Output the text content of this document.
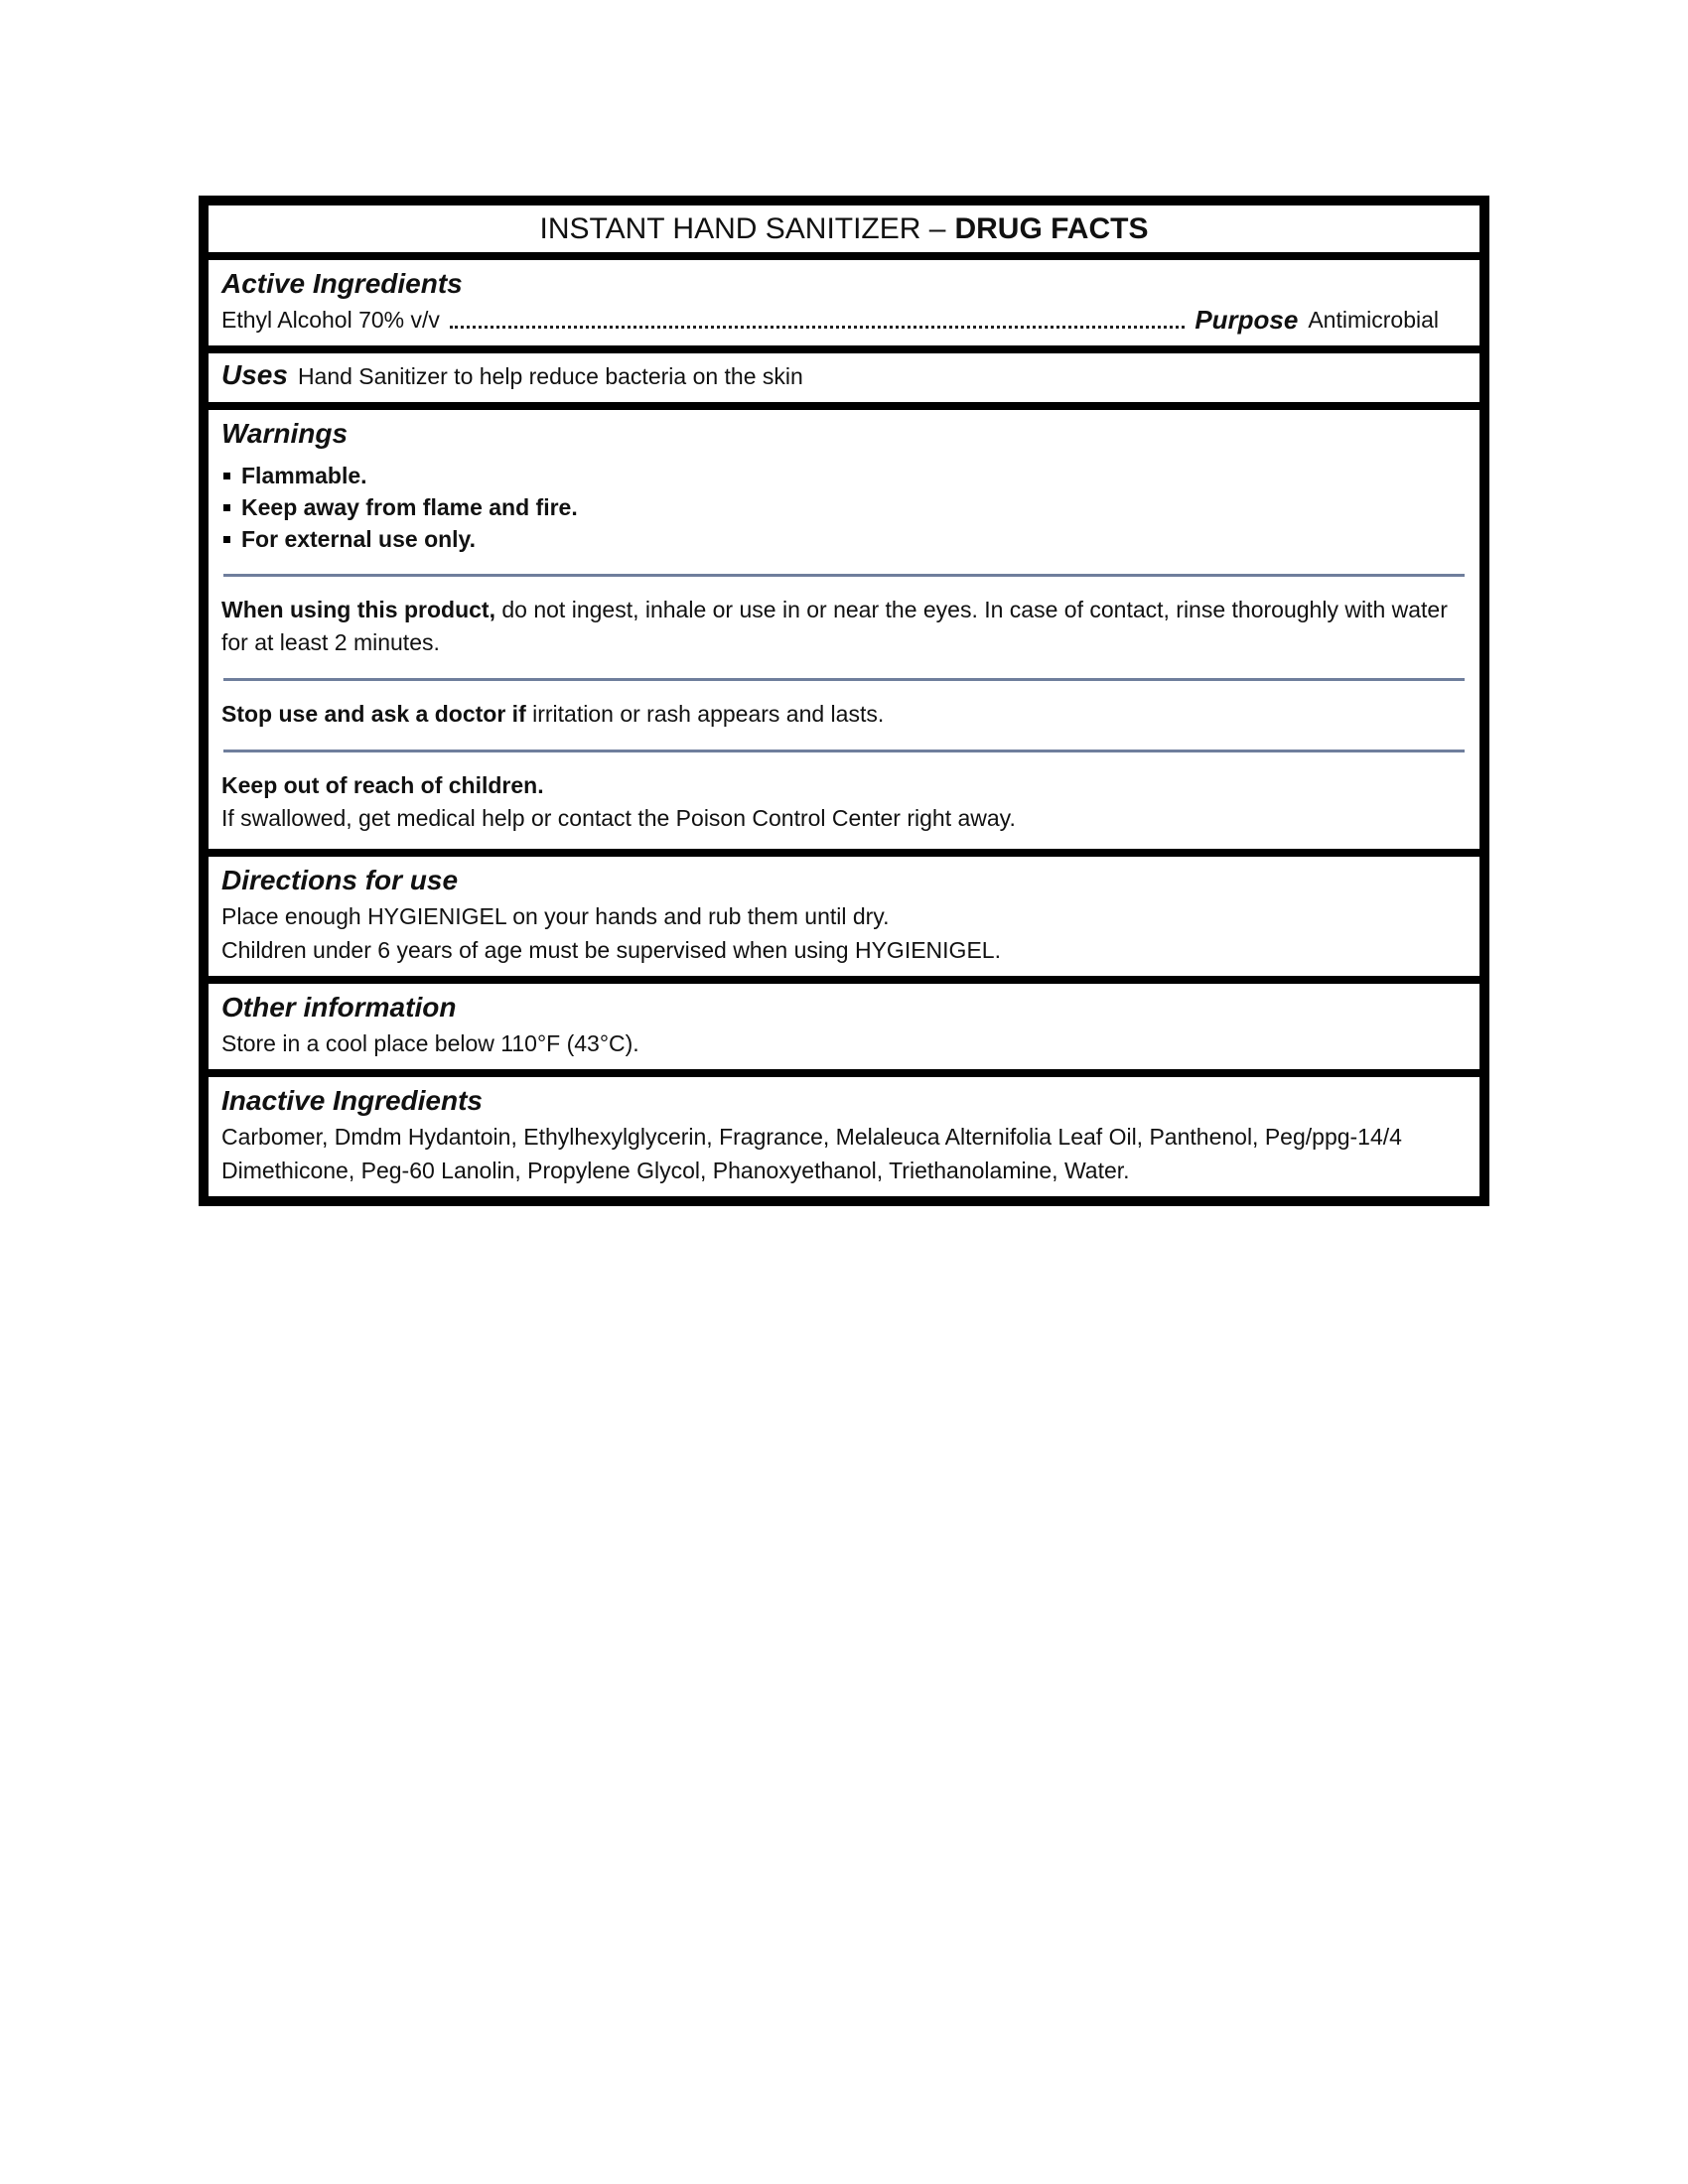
INSTANT HAND SANITIZER – DRUG FACTS
Active Ingredients
Ethyl Alcohol 70% v/v	Purpose Antimicrobial
Uses Hand Sanitizer to help reduce bacteria on the skin
Warnings
Flammable.
Keep away from flame and fire.
For external use only.

When using this product, do not ingest, inhale or use in or near the eyes. In case of contact, rinse thoroughly with water for at least 2 minutes.

Stop use and ask a doctor if irritation or rash appears and lasts.

Keep out of reach of children.

If swallowed, get medical help or contact the Poison Control Center right away.

Directions for use

Place enough HYGIENIGEL on your hands and rub them until dry.

Children under 6 years of age must be supervised when using HYGIENIGEL.

Other information

Store in a cool place below 110°F (43°C).

Inactive Ingredients

Carbomer, Dmdm Hydantoin, Ethylhexylglycerin, Fragrance, Melaleuca Alternifolia Leaf Oil, Panthenol, Peg/ppg-14/4 Dimethicone, Peg-60 Lanolin, Propylene Glycol, Phanoxyethanol, Triethanolamine, Water.
